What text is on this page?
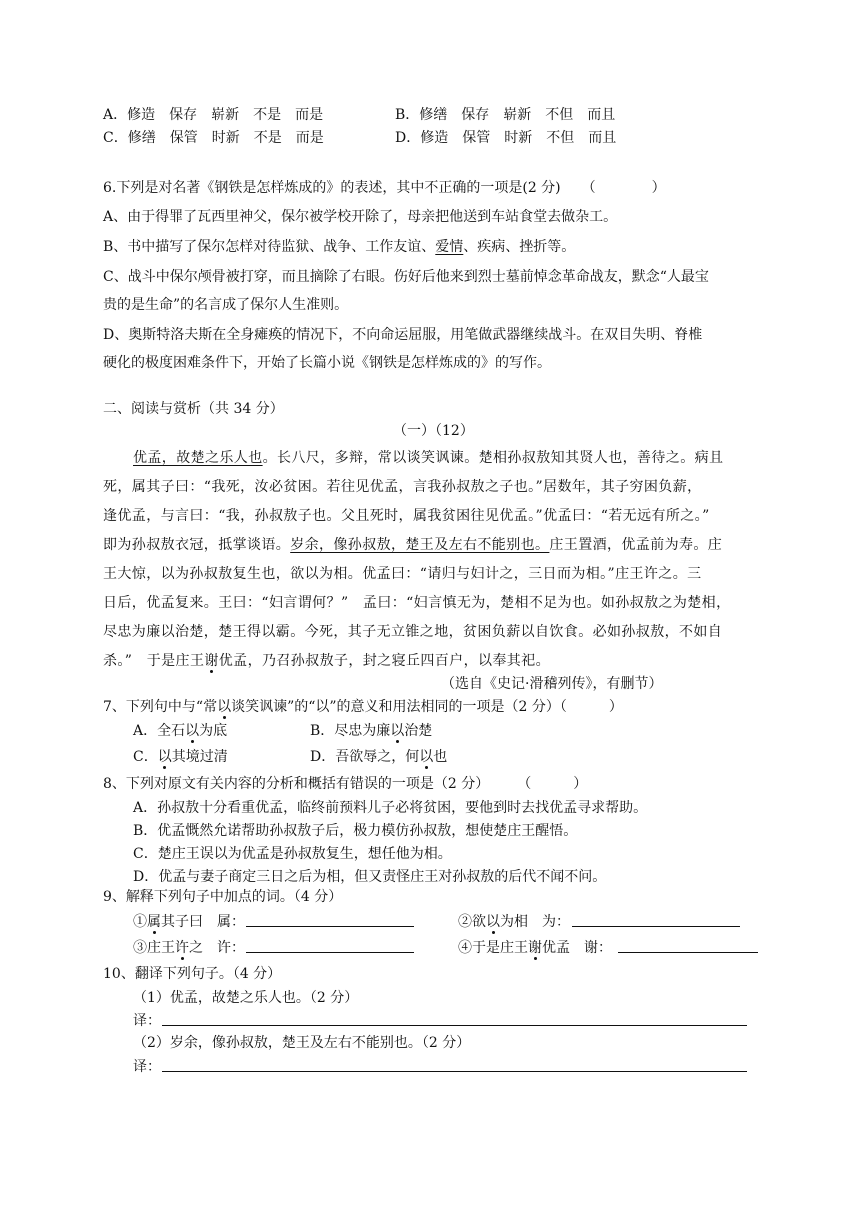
A．修造　保存　崭新　不是　而是	B．修缮　保存　崭新　不但　而且
C．修缮　保管　时新　不是　而是	D．修造　保管　时新　不但　而且
6.下列是对名著《钢铁是怎样炼成的》的表述，其中不正确的一项是(2 分)　　（　　　　）
A、由于得罪了瓦西里神父，保尔被学校开除了，母亲把他送到车站食堂去做杂工。
B、书中描写了保尔怎样对待监狱、战争、工作友谊、爱情、疾病、挫折等。
C、战斗中保尔颅骨被打穿，而且摘除了右眼。伤好后他来到烈士墓前悼念革命战友，默念“人最宝
贵的是生命”的名言成了保尔人生准则。
D、奥斯特洛夫斯在全身瘫痪的情况下，不向命运屈服，用笔做武器继续战斗。在双目失明、脊椎
硬化的极度困难条件下，开始了长篇小说《钢铁是怎样炼成的》的写作。
二、阅读与赏析（共 34 分）
（一）（12）
优孟，故楚之乐人也。长八尺，多辩，常以谈笑讽谏。楚相孙叔敖知其贤人也，善待之。病且
死，属其子曰：“我死，汝必贫困。若往见优孟，言我孙叔敖之子也。”居数年，其子穷困负薪，
逢优孟，与言曰：“我，孙叔敖子也。父且死时，属我贫困往见优孟。”优孟曰：“若无远有所之。”
即为孙叔敖衣冠，抵掌谈语。岁余，像孙叔敖，楚王及左右不能别也。庄王置酒，优孟前为寿。庄
王大惊，以为孙叔敖复生也，欲以为相。优孟曰：“请归与妇计之，三日而为相。”庄王许之。三
日后，优孟复来。王曰：“妇言谓何？”　孟曰：“妇言慎无为，楚相不足为也。如孙叔敖之为楚相，
尽忠为廉以治楚，楚王得以霸。今死，其子无立锥之地，贫困负薪以自饮食。必如孙叔敖，不如自
杀。”　于是庄王谢优孟，乃召孙叔敖子，封之寝丘四百户，以奉其祀。
（选自《史记·滑稽列传》，有删节）
7、下列句中与“常以谈笑讽谏”的“以”的意义和用法相同的一项是（2 分）（　　　）
A．全石以为底	B．尽忠为廉以治楚
C．以其境过清	D．吾欲辱之，何以也
8、下列对原文有关内容的分析和概括有错误的一项是（2 分）　　　（　　　）
A．孙叔敖十分看重优孟，临终前预料儿子必将贫困，要他到时去找优孟寻求帮助。
B．优孟慨然允诺帮助孙叔敖子后，极力模仿孙叔敖，想使楚庄王醒悟。
C．楚庄王误以为优孟是孙叔敖复生，想任他为相。
D．优孟与妻子商定三日之后为相，但又责怪庄王对孙叔敖的后代不闻不问。
9、解释下列句子中加点的词。（4 分）
①属其子曰　属：	②欲以为相　为：
③庄王许之　许：	④于是庄王谢优孟　谢：
10、翻译下列句子。（4 分）
（1）优孟，故楚之乐人也。（2 分）
译：
（2）岁余，像孙叔敖，楚王及左右不能别也。（2 分）
译：
